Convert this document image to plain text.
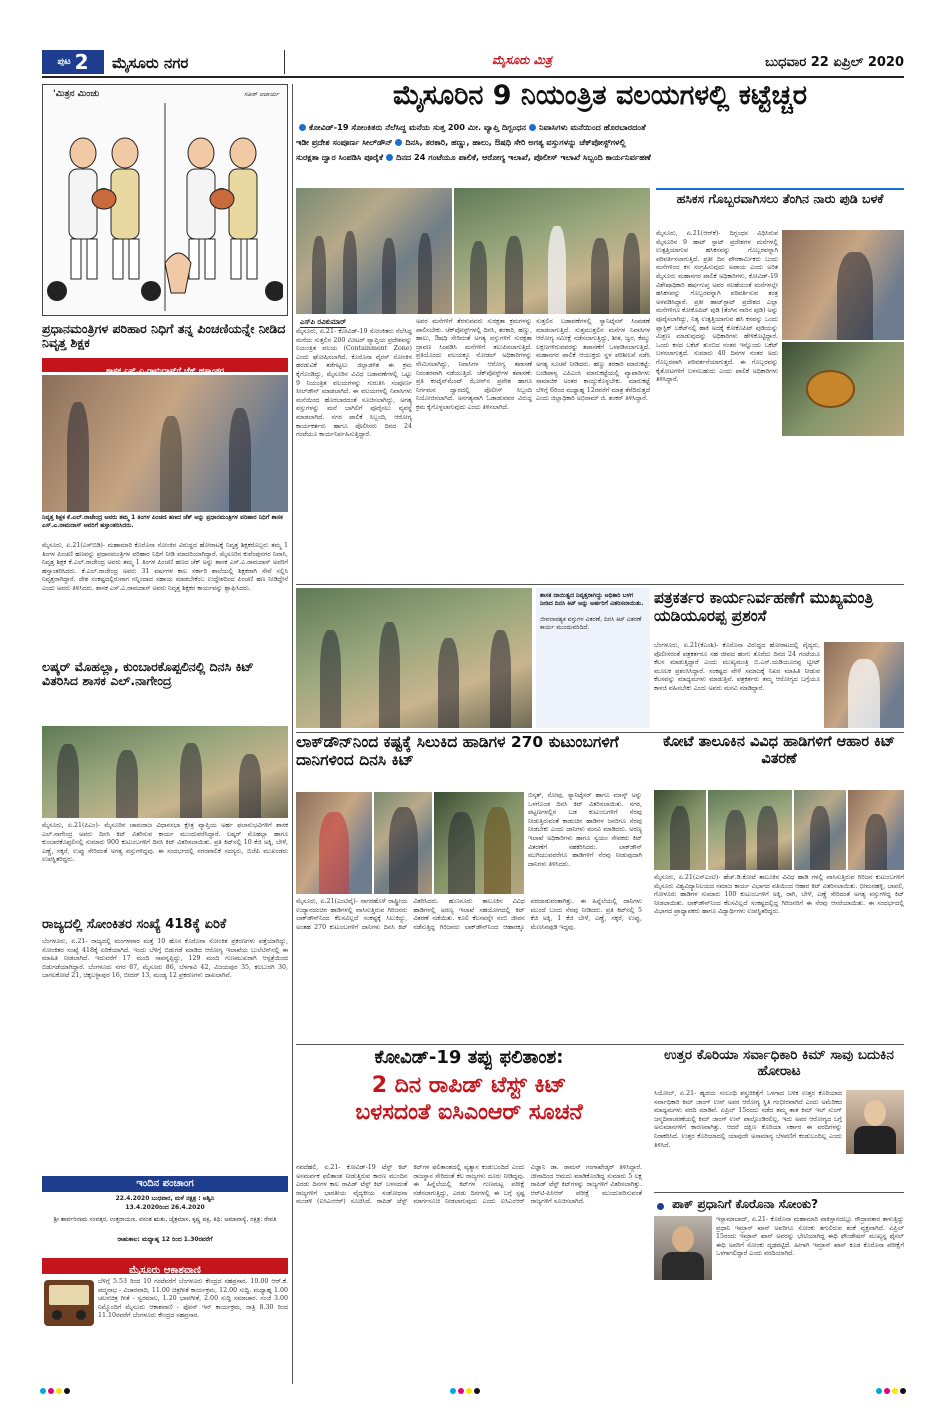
ಪುಟ 2 ಮೈಸೂರು ನಗರ	ಮೈಸೂರು ಮಿತ್ರ	ಬುಧವಾರ 22 ಏಪ್ರಿಲ್ 2020
'ಮಿತ್ರನ ಮಿಂಚು	ಸತೀಶ್ ಆಚಾರ್ಯ
ಪ್ರಧಾನಮಂತ್ರಿಗಳ ಪರಿಹಾರ ನಿಧಿಗೆ ತನ್ನ ಪಿಂಚಣಿಯನ್ನೇ ನೀಡಿದ ನಿವೃತ್ತ ಶಿಕ್ಷಕ
ಶಾಸಕ ಎಸ್.ಎ.ರಾಮದಾಸ್‌ಗೆ ಚೆಕ್ ಹಸ್ತಾಂತರ
ನಿವೃತ್ತ ಶಿಕ್ಷಕ ಕೆ.ಎಲ್.ರಾಜೇಂದ್ರ ಅವರು ತಮ್ಮ 1 ತಿಂಗಳ ಪಿಂಚಣಿ ಹಣದ ಚೆಕ್ ಅನ್ನು ಪ್ರಧಾನಮಂತ್ರಿಗಳ ಪರಿಹಾರ ನಿಧಿಗೆ ಶಾಸಕ ಎಸ್.ಎ.ರಾಮದಾಸ್ ಅವರಿಗೆ ಹಸ್ತಾಂತರಿಸಿದರು.
ಮೈಸೂರು, ಏ.21(ಎಸ್‌ಬಿಡಿ)- ಮಹಾಮಾರಿ ಕೊರೊನಾ ಸೋಂಕಿನ ವಿರುದ್ಧದ ಹೋರಾಟಕ್ಕೆ ನಿವೃತ್ತ ಶಿಕ್ಷಕರೊಬ್ಬರು ತಮ್ಮ 1 ತಿಂಗಳ ಪಿಂಚಣಿ ಹಣವನ್ನು ಪ್ರಧಾನಮಂತ್ರಿಗಳ ಪರಿಹಾರ ನಿಧಿಗೆ ನೀಡಿ ಮಾದರಿಯಾಗಿದ್ದಾರೆ. ಮೈಸೂರಿನ ಕುವೆಂಪುನಗರ ನಿವಾಸಿ, ನಿವೃತ್ತ ಶಿಕ್ಷಕ ಕೆ.ಎಲ್.ರಾಜೇಂದ್ರ ಅವರು ತಮ್ಮ 1 ತಿಂಗಳ ಪಿಂಚಣಿ ಹಣದ ಚೆಕ್ ಅನ್ನು ಶಾಸಕ ಎಸ್.ಎ.ರಾಮದಾಸ್ ಅವರಿಗೆ ಹಸ್ತಾಂತರಿಸಿದರು. ಕೆ.ಎಲ್.ರಾಜೇಂದ್ರ ಅವರು 31 ವರ್ಷಗಳ ಕಾಲ ಸರ್ಕಾರಿ ಶಾಲೆಯಲ್ಲಿ ಶಿಕ್ಷಕರಾಗಿ ಸೇವೆ ಸಲ್ಲಿಸಿ ನಿವೃತ್ತರಾಗಿದ್ದಾರೆ. ದೇಶ ಸಂಕಷ್ಟದಲ್ಲಿರುವಾಗ ನನ್ನಿಂದಾದ ಸಹಾಯ ಮಾಡಬೇಕೆಂಬ ಉದ್ದೇಶದಿಂದ ಪಿಂಚಣಿ ಹಣ ನೀಡಿದ್ದೇನೆ ಎಂದು ಅವರು ತಿಳಿಸಿದರು. ಶಾಸಕ ಎಸ್.ಎ.ರಾಮದಾಸ್ ಅವರು ನಿವೃತ್ತ ಶಿಕ್ಷಕರ ಕಾರ್ಯವನ್ನು ಶ್ಲಾಘಿಸಿದರು.
ಲಷ್ಕರ್ ಮೊಹಲ್ಲಾ, ಕುಂಬಾರಕೊಪ್ಪಲಿನಲ್ಲಿ ದಿನಸಿ ಕಿಟ್ ವಿತರಿಸಿದ ಶಾಸಕ ಎಲ್.ನಾಗೇಂದ್ರ
ಮೈಸೂರು, ಏ.21(ಪಿಎಂ)- ಮೈಸೂರಿನ ಚಾಮರಾಜ ವಿಧಾನಸಭಾ ಕ್ಷೇತ್ರ ವ್ಯಾಪ್ತಿಯ ಅರ್ಹ ಫಲಾನುಭವಿಗಳಿಗೆ ಶಾಸಕ ಎಲ್.ನಾಗೇಂದ್ರ ಅವರು ದಿನಸಿ ಕಿಟ್ ವಿತರಿಸುವ ಕಾರ್ಯ ಮುಂದುವರೆಸಿದ್ದಾರೆ. ಲಷ್ಕರ್ ಮೊಹಲ್ಲಾ ಹಾಗೂ ಕುಂಬಾರಕೊಪ್ಪಲಿನಲ್ಲಿ ಸುಮಾರು 900 ಕುಟುಂಬಗಳಿಗೆ ದಿನಸಿ ಕಿಟ್ ವಿತರಿಸಲಾಯಿತು. ಪ್ರತಿ ಕಿಟ್‌ನಲ್ಲಿ 10 ಕೆಜಿ ಅಕ್ಕಿ, ಬೇಳೆ, ಎಣ್ಣೆ, ಸಕ್ಕರೆ, ಉಪ್ಪು ಸೇರಿದಂತೆ ಅಗತ್ಯ ವಸ್ತುಗಳಿದ್ದವು. ಈ ಸಂದರ್ಭದಲ್ಲಿ ನಗರಪಾಲಿಕೆ ಸದಸ್ಯರು, ಬಿಜೆಪಿ ಮುಖಂಡರು ಉಪಸ್ಥಿತರಿದ್ದರು.
ರಾಜ್ಯದಲ್ಲಿ ಸೋಂಕಿತರ ಸಂಖ್ಯೆ 418ಕ್ಕೆ ಏರಿಕೆ
ಬೆಂಗಳೂರು, ಏ.21- ರಾಜ್ಯದಲ್ಲಿ ಮಂಗಳವಾರ ಮತ್ತೆ 10 ಹೊಸ ಕೊರೊನಾ ಸೋಂಕಿತ ಪ್ರಕರಣಗಳು ಪತ್ತೆಯಾಗಿದ್ದು, ಸೋಂಕಿತರ ಸಂಖ್ಯೆ 418ಕ್ಕೆ ಏರಿಕೆಯಾಗಿದೆ. ಇಂದು ಬೆಳಿಗ್ಗೆ ಬಿಡುಗಡೆ ಮಾಡಿದ ಆರೋಗ್ಯ ಇಲಾಖೆಯ ಬುಲೆಟಿನ್‌ನಲ್ಲಿ ಈ ಮಾಹಿತಿ ನೀಡಲಾಗಿದೆ. ಇದುವರೆಗೆ 17 ಮಂದಿ ಸಾವನ್ನಪ್ಪಿದ್ದು, 129 ಮಂದಿ ಗುಣಮುಖರಾಗಿ ಆಸ್ಪತ್ರೆಯಿಂದ ಬಿಡುಗಡೆಯಾಗಿದ್ದಾರೆ. ಬೆಂಗಳೂರು ನಗರ 87, ಮೈಸೂರು 86, ಬೆಳಗಾವಿ 42, ವಿಜಯಪುರ 35, ಕಲಬುರಗಿ 30, ಬಾಗಲಕೋಟೆ 21, ಚಿಕ್ಕಬಳ್ಳಾಪುರ 16, ಬೀದರ್ 13, ಮಂಡ್ಯ 12 ಪ್ರಕರಣಗಳು ದಾಖಲಾಗಿವೆ.
ಇಂದಿನ ಪಂಚಾಂಗ
22.4.2020 ಬುಧವಾರ, ಮಳೆ ನಕ್ಷತ್ರ : ಅಶ್ವಿನಿ
13.4.2020ರಿಂದ 26.4.2020
ಶ್ರೀ ಶಾರ್ವರಿನಾಮ ಸಂವತ್ಸರ, ಉತ್ತರಾಯಣ, ವಸಂತ ಋತು, ಚೈತ್ರಮಾಸ, ಕೃಷ್ಣ ಪಕ್ಷ, ತಿಥಿ: ಅಮಾವಾಸ್ಯೆ, ನಕ್ಷತ್ರ: ರೇವತಿ
ರಾಹುಕಾಲ: ಮಧ್ಯಾಹ್ನ 12 ರಿಂದ 1.30ರವರೆಗೆ
ಮೈಸೂರು ಆಕಾಶವಾಣಿ
ಬೆಳಿಗ್ಗೆ 5.53 ರಿಂದ 10 ಗಂಟೆವರೆಗೆ ಬೆಂಗಳೂರು ಕೇಂದ್ರದ ಸಹಪ್ರಸಾರ. 10.00 ಆರ್.ಕೆ. ಪದ್ಮನಾಭ - ವಿಚಾರವಾದಿ, 11.00 ಚಿತ್ರಗೀತೆ ಕಾರ್ಯಕ್ರಮ, 12.00 ಸುದ್ದಿ. ಮಧ್ಯಾಹ್ನ 1.00 ಚಲನಚಿತ್ರ ಗೀತೆ - ಸ್ವರಮಾಲ, 1.20 ಭಾವಗೀತೆ, 2.00 ಸುದ್ದಿ ಸಮಾಚಾರ. ಸಂಜೆ 3.00 ನಿಮ್ಮೊಂದಿಗೆ ಮೈಸೂರು ಆಕಾಶವಾಣಿ - ಫೋನ್ ಇನ್ ಕಾರ್ಯಕ್ರಮ, ರಾತ್ರಿ 8.30 ರಿಂದ 11.10ರವರೆಗೆ ಬೆಂಗಳೂರು ಕೇಂದ್ರದ ಸಹಪ್ರಸಾರ.
ಮೈಸೂರಿನ 9 ನಿಯಂತ್ರಿತ ವಲಯಗಳಲ್ಲಿ ಕಟ್ಟೆಚ್ಚರ
ಕೋವಿಡ್-19 ಸೋಂಕಿತರು ನೆಲೆಸಿದ್ದ ಮನೆಯ ಸುತ್ತ 200 ಮೀ. ವ್ಯಾಪ್ತಿ ದಿಗ್ಬಂಧನ ನಿವಾಸಿಗಳು ಮನೆಯಿಂದ ಹೊರಬಾರದಂತೆ
ಇಡೀ ಪ್ರದೇಶ ಸಂಪೂರ್ಣ ಸೀಲ್‌ಡೌನ್ ದಿನಸಿ, ತರಕಾರಿ, ಹಣ್ಣು, ಹಾಲು, ಔಷಧಿ ಸೇರಿ ಅಗತ್ಯ ವಸ್ತುಗಳನ್ನು ಚೆಕ್‌ಪೋಸ್ಟ್‌ಗಳಲ್ಲಿ
ಸುರಕ್ಷತಾ ದ್ವಾರ ಸಿಂಪಡಿಸಿ ಪೂರೈಕೆ ದಿನದ 24 ಗಂಟೆಯೂ ಪಾಲಿಕೆ, ಆರೋಗ್ಯ ಇಲಾಖೆ, ಪೊಲೀಸ್ ಇಲಾಖೆ ಸಿಬ್ಬಂದಿ ಕಾರ್ಯನಿರ್ವಹಣೆ
ಎಸ್‌ಪಿ ರವಿಕುಮಾರ್
ಮೈಸೂರು, ಏ.21- ಕೋವಿಡ್-19 ಸೋಂಕಿತರು ನೆಲೆಸಿದ್ದ ಮನೆಯ ಸುತ್ತಲಿನ 200 ಮೀಟರ್ ವ್ಯಾಪ್ತಿಯ ಪ್ರದೇಶವನ್ನು ನಿಯಂತ್ರಿತ ವಲಯ (Containment Zone) ಎಂದು ಘೋಷಿಸಲಾಗಿದೆ. ಕೊರೊನಾ ವೈರಸ್ ಸೋಂಕಿನ ಹರಡುವಿಕೆ ತಡೆಗಟ್ಟಲು ಜಿಲ್ಲಾಡಳಿತ ಈ ಕ್ರಮ ಕೈಗೊಂಡಿದ್ದು, ಮೈಸೂರಿನ ವಿವಿಧ ಬಡಾವಣೆಗಳಲ್ಲಿ ಒಟ್ಟು 9 ನಿಯಂತ್ರಿತ ವಲಯಗಳನ್ನು ಗುರುತಿಸಿ ಸಂಪೂರ್ಣ ಸೀಲ್‌ಡೌನ್ ಮಾಡಲಾಗಿದೆ. ಈ ವಲಯಗಳಲ್ಲಿ ನಿವಾಸಿಗಳು ಮನೆಯಿಂದ ಹೊರಬಾರದಂತೆ ಸೂಚಿಸಲಾಗಿದ್ದು, ಅಗತ್ಯ ವಸ್ತುಗಳನ್ನು ಮನೆ ಬಾಗಿಲಿಗೆ ಪೂರೈಸಲು ವ್ಯವಸ್ಥೆ ಮಾಡಲಾಗಿದೆ. ನಗರ ಪಾಲಿಕೆ ಸಿಬ್ಬಂದಿ, ಆರೋಗ್ಯ ಕಾರ್ಯಕರ್ತರು ಹಾಗೂ ಪೊಲೀಸರು ದಿನದ 24 ಗಂಟೆಯೂ ಕಾರ್ಯನಿರ್ವಹಿಸುತ್ತಿದ್ದಾರೆ.
ಅವರ ಮನೆಗಳಿಗೆ ತೆರಳುವವರು ಸುರಕ್ಷತಾ ಕ್ರಮಗಳನ್ನು ಪಾಲಿಸಬೇಕು. ಚೆಕ್‌ಪೋಸ್ಟ್‌ಗಳಲ್ಲಿ ದಿನಸಿ, ತರಕಾರಿ, ಹಣ್ಣು, ಹಾಲು, ಔಷಧಿ ಸೇರಿದಂತೆ ಅಗತ್ಯ ವಸ್ತುಗಳಿಗೆ ಸುರಕ್ಷತಾ ದ್ರಾವಣ ಸಿಂಪಡಿಸಿ ಮನೆಗಳಿಗೆ ತಲುಪಿಸಲಾಗುತ್ತಿದೆ. ಪ್ರತಿಯೊಂದು ವಲಯಕ್ಕೂ ನೋಡಲ್ ಅಧಿಕಾರಿಗಳನ್ನು ನೇಮಿಸಲಾಗಿದ್ದು, ನಿವಾಸಿಗಳ ಆರೋಗ್ಯ ತಪಾಸಣೆ ನಿರಂತರವಾಗಿ ನಡೆಯುತ್ತಿದೆ. ಚೆಕ್‌ಪೋಸ್ಟ್‌ಗಳ ತಪಾಸಣೆ: ಪ್ರತಿ ಕಂಟೈನ್‌ಮೆಂಟ್ ಝೋನ್‌ನ ಪ್ರವೇಶ ಹಾಗೂ ನಿರ್ಗಮನ ದ್ವಾರದಲ್ಲಿ ಪೊಲೀಸ್ ಸಿಬ್ಬಂದಿ ನಿಯೋಜಿಸಲಾಗಿದೆ. ಅನಗತ್ಯವಾಗಿ ಓಡಾಡುವವರ ವಿರುದ್ಧ ಕ್ರಮ ಕೈಗೊಳ್ಳಲಾಗುವುದು ಎಂದು ತಿಳಿಸಲಾಗಿದೆ.
ಸುತ್ತಲಿನ ಬಡಾವಣೆಗಳಲ್ಲಿ ಸ್ಯಾನಿಟೈಸರ್ ಸಿಂಪಡಣೆ ಮಾಡಲಾಗುತ್ತಿದೆ. ಸುತ್ತಮುತ್ತಲಿನ ಮನೆಗಳ ನಿವಾಸಿಗಳ ಆರೋಗ್ಯ ಸಮೀಕ್ಷೆ ನಡೆಸಲಾಗುತ್ತಿದ್ದು, ಶೀತ, ಜ್ವರ, ಕೆಮ್ಮು ಲಕ್ಷಣಗಳಿರುವವರನ್ನು ತಪಾಸಣೆಗೆ ಒಳಪಡಿಸಲಾಗುತ್ತಿದೆ. ಮಹಾನಗರ ಪಾಲಿಕೆ ಆಯುಕ್ತರು ಸ್ಥಳ ಪರಿಶೀಲನೆ ನಡೆಸಿ ಅಗತ್ಯ ಸೂಚನೆ ನೀಡಿದರು. ಹಣ್ಣು ತರಕಾರಿ ಮಾರುಕಟ್ಟೆ: ಬಂಡಿಪಾಳ್ಯ ಎಪಿಎಂಸಿ ಮಾರುಕಟ್ಟೆಯಲ್ಲಿ ವ್ಯಾಪಾರಿಗಳು ಸಾಮಾಜಿಕ ಅಂತರ ಕಾಯ್ದುಕೊಳ್ಳಬೇಕು. ಮಾರುಕಟ್ಟೆ ಬೆಳಿಗ್ಗೆ 6ರಿಂದ ಮಧ್ಯಾಹ್ನ 12ರವರೆಗೆ ಮಾತ್ರ ತೆರೆದಿರುತ್ತದೆ ಎಂದು ಜಿಲ್ಲಾಧಿಕಾರಿ ಅಭಿರಾಮ್ ಜಿ. ಶಂಕರ್ ತಿಳಿಸಿದ್ದಾರೆ.
ಹಸಿಕಸ ಗೊಬ್ಬರವಾಗಿಸಲು ತೆಂಗಿನ ನಾರು ಪುಡಿ ಬಳಕೆ
ಮೈಸೂರು, ಏ.21(ಆರ್‌ಕೆ)- ದಿಗ್ಬಂಧನ ವಿಧಿಸಿರುವ ಮೈಸೂರಿನ 9 ಹಾಟ್ ಸ್ಪಾಟ್ ಪ್ರದೇಶಗಳ ಮನೆಗಳಲ್ಲಿ ಉತ್ಪತ್ತಿಯಾಗುವ ಹಸಿಕಸವನ್ನು ಗೊಬ್ಬರವನ್ನಾಗಿ ಪರಿವರ್ತಿಸಲಾಗುತ್ತಿದೆ. ಪ್ರತೀ ದಿನ ಪೌರಕಾರ್ಮಿಕರು ಬಂದು ಮನೆಗಳಿಂದ ಕಸ ಸಂಗ್ರಹಿಸುವುದು ಅಪಾಯ ಎಂದು ಅರಿತ ಮೈಸೂರು ಮಹಾನಗರ ಪಾಲಿಕೆ ಅಧಿಕಾರಿಗಳು, ಕೋವಿಡ್-19 ವಿಶೇಷಾಧಿಕಾರಿ ಹರ್ಷಗುಪ್ತ ಅವರ ಸಲಹೆಯಂತೆ ಮನೆಗಳಲ್ಲೇ ಹಸಿಕಸವನ್ನು ಗೊಬ್ಬರವನ್ನಾಗಿ ಪರಿವರ್ತಿಸುವ ತಂತ್ರ ಅಳವಡಿಸಿದ್ದಾರೆ. ಪ್ರತೀ ಹಾಟ್‌ಸ್ಪಾಟ್ ಪ್ರದೇಶದ ಎಲ್ಲಾ ಮನೆಗಳಿಗೂ ಕೋಕೊಪಿಟ್ ಪುಡಿ (ತೆಂಗಿನ ನಾರಿನ ಪುಡಿ) ಅನ್ನು ಪೂರೈಸಲಾಗಿದ್ದು, ನಿತ್ಯ ಉತ್ಪತ್ತಿಯಾಗುವ ಹಸಿ ಕಸವನ್ನು ಒಂದು ಪ್ಲಾಸ್ಟಿಕ್ ಬಕೆಟ್‌ನಲ್ಲಿ ಹಾಕಿ ಅದಕ್ಕೆ ಕೋಕೊಪಿಟ್ ಪುಡಿಯನ್ನು ಮಿಶ್ರಣ ಮಾಡುವುದನ್ನು ಅಧಿಕಾರಿಗಳು ಹೇಳಿಕೊಟ್ಟಿದ್ದಾರೆ. ಒಂದು ಕಸದ ಬಕೆಟ್ ತುಂಬಿದ ನಂತರ ಇನ್ನೊಂದು ಬಕೆಟ್ ಬಳಸಲಾಗುತ್ತದೆ. ಸುಮಾರು 40 ದಿನಗಳ ನಂತರ ಅದು ಗೊಬ್ಬರವಾಗಿ ಪರಿವರ್ತನೆಯಾಗುತ್ತದೆ. ಈ ಗೊಬ್ಬರವನ್ನು ಕೈತೋಟಗಳಿಗೆ ಬಳಸಬಹುದು ಎಂದು ಪಾಲಿಕೆ ಅಧಿಕಾರಿಗಳು ತಿಳಿಸಿದ್ದಾರೆ.
ಶಾಸಕ ದಾಯಿತ್ವದ ನಿವೃತ್ತರಾಗಿದ್ದು ಅಧಿಕಾರಿ ಬಳಗ ನೀಡಿದ ದಿನಸಿ ಕಿಟ್ ಅನ್ನು ಅರ್ಹರಿಗೆ ವಿತರಿಸಲಾಯಿತು.
ಜೀವನಾವಶ್ಯಕ ವಸ್ತುಗಳ ವಿತರಣೆ, ದಿನಸಿ ಕಿಟ್ ವಿತರಣೆ ಕಾರ್ಯ ಮುಂದುವರಿದಿದೆ.
ಪತ್ರಕರ್ತರ ಕಾರ್ಯನಿರ್ವಹಣೆಗೆ ಮುಖ್ಯಮಂತ್ರಿ ಯಡಿಯೂರಪ್ಪ ಪ್ರಶಂಸೆ
ಬೆಂಗಳೂರು, ಏ.21(ಕೆಎಂಶಿ)- ಕೊರೊನಾ ವಿರುದ್ಧದ ಹೋರಾಟದಲ್ಲಿ ವೈದ್ಯರು, ಪೊಲೀಸರಂತೆ ಪತ್ರಕರ್ತರೂ ಸಹ ಜೀವದ ಹಂಗು ತೊರೆದು ದಿನದ 24 ಗಂಟೆಯೂ ಕೆಲಸ ಮಾಡುತ್ತಿದ್ದಾರೆ ಎಂದು ಮುಖ್ಯಮಂತ್ರಿ ಬಿ.ಎಸ್.ಯಡಿಯೂರಪ್ಪ ಟ್ವೀಟ್ ಮೂಲಕ ಪ್ರಶಂಸಿಸಿದ್ದಾರೆ. ಸಂಕಷ್ಟದ ವೇಳೆ ಸಮಾಜಕ್ಕೆ ನಿಖರ ಮಾಹಿತಿ ನೀಡುವ ಕೆಲಸವನ್ನು ಮಾಧ್ಯಮಗಳು ಮಾಡುತ್ತಿವೆ. ಪತ್ರಕರ್ತರು ತಮ್ಮ ಆರೋಗ್ಯದ ಬಗ್ಗೆಯೂ ಕಾಳಜಿ ವಹಿಸಬೇಕು ಎಂದು ಅವರು ಮನವಿ ಮಾಡಿದ್ದಾರೆ.
ಲಾಕ್‌ಡೌನ್‌ನಿಂದ ಕಷ್ಟಕ್ಕೆ ಸಿಲುಕಿದ ಹಾಡಿಗಳ 270 ಕುಟುಂಬಗಳಿಗೆ ದಾನಿಗಳಿಂದ ದಿನಸಿ ಕಿಟ್
ಬಿಸ್ಕತ್, ಸೋಪು, ಸ್ಯಾನಿಟೈಸರ್ ಹಾಗೂ ಮಾಸ್ಕ್ ಅನ್ನು ಒಳಗೊಂಡ ದಿನಸಿ ಕಿಟ್ ವಿತರಿಸಲಾಯಿತು. ನಗರ, ಪಟ್ಟಣಗಳಲ್ಲಿನ ಬಡ ಕುಟುಂಬಗಳಿಗೆ ನೆರವು ನೀಡುತ್ತಿರುವಂತೆ ಕಾಡಂಚಿನ ಹಾಡಿಗಳ ಜನರಿಗೂ ನೆರವು ನೀಡಬೇಕು ಎಂದು ದಾನಿಗಳು ಮನವಿ ಮಾಡಿದರು. ಅರಣ್ಯ ಇಲಾಖೆ ಅಧಿಕಾರಿಗಳು ಹಾಗೂ ಸ್ವಯಂ ಸೇವಕರು ಕಿಟ್ ವಿತರಣೆಗೆ ಸಹಕರಿಸಿದರು. ಲಾಕ್‌ಡೌನ್ ಮುಗಿಯುವವರೆಗೂ ಹಾಡಿಗಳಿಗೆ ನೆರವು ನೀಡುವುದಾಗಿ ದಾನಿಗಳು ತಿಳಿಸಿದರು.
ಮೈಸೂರು, ಏ.21(ಎಂಟಿವೈ)- ನಾಗರಹೊಳೆ ರಾಷ್ಟ್ರೀಯ ಉದ್ಯಾನದಂಚಿನ ಹಾಡಿಗಳಲ್ಲಿ ವಾಸಿಸುತ್ತಿರುವ ಗಿರಿಜನರು ಲಾಕ್‌ಡೌನ್‌ನಿಂದ ಕೆಲಸವಿಲ್ಲದೆ ಸಂಕಷ್ಟಕ್ಕೆ ಸಿಲುಕಿದ್ದು, ಅಂತಹ 270 ಕುಟುಂಬಗಳಿಗೆ ದಾನಿಗಳು ದಿನಸಿ ಕಿಟ್ ವಿತರಿಸಿದರು. ಹುಣಸೂರು ತಾಲೂಕಿನ ವಿವಿಧ ಹಾಡಿಗಳಲ್ಲಿ ಅರಣ್ಯ ಇಲಾಖೆ ಸಹಯೋಗದಲ್ಲಿ ಕಿಟ್ ವಿತರಣೆ ನಡೆಯಿತು. ಕೂಲಿ ಕೆಲಸವನ್ನೇ ನಂಬಿ ಜೀವನ ನಡೆಸುತ್ತಿದ್ದ ಗಿರಿಜನರು ಲಾಕ್‌ಡೌನ್‌ನಿಂದ ಆಹಾರಕ್ಕೂ ಪರದಾಡುವಂತಾಗಿತ್ತು. ಈ ಹಿನ್ನೆಲೆಯಲ್ಲಿ ದಾನಿಗಳು ಮುಂದೆ ಬಂದು ನೆರವು ನೀಡಿದರು. ಪ್ರತಿ ಕಿಟ್‌ನಲ್ಲಿ 5 ಕೆಜಿ ಅಕ್ಕಿ, 1 ಕೆಜಿ ಬೇಳೆ, ಎಣ್ಣೆ, ಸಕ್ಕರೆ, ಉಪ್ಪು, ಮೆಣಸಿನಪುಡಿ ಇದ್ದವು.
ಕೋಟೆ ತಾಲೂಕಿನ ವಿವಿಧ ಹಾಡಿಗಳಿಗೆ ಆಹಾರ ಕಿಟ್ ವಿತರಣೆ
ಮೈಸೂರು, ಏ.21(ಎಸ್‌ಎಂಟಿ)- ಹೆಚ್.ಡಿ.ಕೋಟೆ ತಾಲೂಕಿನ ವಿವಿಧ ಹಾಡಿ ಗಳಲ್ಲಿ ವಾಸಿಸುತ್ತಿರುವ ಗಿರಿಜನ ಕುಟುಂಬಗಳಿಗೆ ಮೈಸೂರು ವಿಶ್ವವಿದ್ಯಾನಿಲಯದ ಸಮಾಜ ಕಾರ್ಯ ವಿಭಾಗದ ವತಿಯಿಂದ ಆಹಾರ ಕಿಟ್ ವಿತರಿಸಲಾಯಿತು. ಭೀಮನಹಳ್ಳಿ, ಬಾವಲಿ, ಗೋಳೂರು ಹಾಡಿಗಳ ಸುಮಾರು 100 ಕುಟುಂಬಗಳಿಗೆ ಅಕ್ಕಿ, ರಾಗಿ, ಬೇಳೆ, ಎಣ್ಣೆ ಸೇರಿದಂತೆ ಅಗತ್ಯ ವಸ್ತುಗಳಿದ್ದ ಕಿಟ್ ನೀಡಲಾಯಿತು. ಲಾಕ್‌ಡೌನ್‌ನಿಂದ ಕೆಲಸವಿಲ್ಲದೆ ಸಂಕಷ್ಟದಲ್ಲಿದ್ದ ಗಿರಿಜನರಿಗೆ ಈ ನೆರವು ಆಸರೆಯಾಯಿತು. ಈ ಸಂದರ್ಭದಲ್ಲಿ ವಿಭಾಗದ ಪ್ರಾಧ್ಯಾಪಕರು ಹಾಗೂ ವಿದ್ಯಾರ್ಥಿಗಳು ಉಪಸ್ಥಿತರಿದ್ದರು.
ಕೋವಿಡ್-19 ತಪ್ಪು ಫಲಿತಾಂಶ:
2 ದಿನ ರಾಪಿಡ್ ಟೆಸ್ಟ್ ಕಿಟ್
ಬಳಸದಂತೆ ಐಸಿಎಂಆರ್ ಸೂಚನೆ
ನವದೆಹಲಿ, ಏ.21- ಕೋವಿಡ್-19 ಟೆಸ್ಟ್ ಕಿಟ್ ಅಸಮರ್ಪಕ ಫಲಿತಾಂಶ ನೀಡುತ್ತಿರುವ ಕಾರಣ ಮುಂದಿನ ಎರಡು ದಿನಗಳ ಕಾಲ ರಾಪಿಡ್ ಟೆಸ್ಟ್ ಕಿಟ್ ಬಳಸದಂತೆ ರಾಜ್ಯಗಳಿಗೆ ಭಾರತೀಯ ವೈದ್ಯಕೀಯ ಸಂಶೋಧನಾ ಮಂಡಳಿ (ಐಸಿಎಂಆರ್) ಸೂಚಿಸಿದೆ. ರಾಪಿಡ್ ಟೆಸ್ಟ್ ಕಿಟ್‌ಗಳ ಫಲಿತಾಂಶದಲ್ಲಿ ವ್ಯತ್ಯಾಸ ಕಂಡುಬಂದಿದೆ ಎಂದು ರಾಜಸ್ಥಾನ ಸೇರಿದಂತೆ ಕೆಲ ರಾಜ್ಯಗಳು ದೂರು ನೀಡಿದ್ದವು. ಈ ಹಿನ್ನೆಲೆಯಲ್ಲಿ ಕಿಟ್‌ಗಳ ಗುಣಮಟ್ಟ ಪರೀಕ್ಷೆ ನಡೆಸಲಾಗುತ್ತಿದ್ದು, ಎರಡು ದಿನಗಳಲ್ಲಿ ಈ ಬಗ್ಗೆ ಸ್ಪಷ್ಟ ಮಾರ್ಗಸೂಚಿ ನೀಡಲಾಗುವುದು ಎಂದು ಐಸಿಎಂಆರ್ ವಿಜ್ಞಾನಿ ಡಾ. ರಾಮನ್ ಗಂಗಾಖೇಡ್ಕರ್ ತಿಳಿಸಿದ್ದಾರೆ. ಚೀನಾದಿಂದ ಆಮದು ಮಾಡಿಕೊಂಡಿದ್ದ ಸುಮಾರು 5 ಲಕ್ಷ ರಾಪಿಡ್ ಟೆಸ್ಟ್ ಕಿಟ್‌ಗಳನ್ನು ರಾಜ್ಯಗಳಿಗೆ ವಿತರಿಸಲಾಗಿತ್ತು. ಆರ್‌ಟಿ-ಪಿಸಿಆರ್ ಪರೀಕ್ಷೆ ಮುಂದುವರಿಸುವಂತೆ ರಾಜ್ಯಗಳಿಗೆ ಸೂಚಿಸಲಾಗಿದೆ.
ಉತ್ತರ ಕೊರಿಯಾ ಸರ್ವಾಧಿಕಾರಿ ಕಿಮ್ ಸಾವು ಬದುಕಿನ ಹೋರಾಟ
ಸಿಯೋಲ್, ಏ.21- ಹೃದಯ ಸಂಬಂಧಿ ಶಸ್ತ್ರಚಿಕಿತ್ಸೆಗೆ ಒಳಗಾದ ಬಳಿಕ ಉತ್ತರ ಕೊರಿಯಾದ ಸರ್ವಾಧಿಕಾರಿ ಕಿಮ್ ಜಾಂಗ್ ಉನ್ ಅವರ ಆರೋಗ್ಯ ಸ್ಥಿತಿ ಗಂಭೀರವಾಗಿದೆ ಎಂದು ಅಮೆರಿಕದ ಮಾಧ್ಯಮಗಳು ವರದಿ ಮಾಡಿವೆ. ಏಪ್ರಿಲ್ 15ರಂದು ನಡೆದ ತಮ್ಮ ತಾತ ಕಿಮ್ ಇಲ್ ಸುಂಗ್ ಜನ್ಮದಿನಾಚರಣೆಯಲ್ಲಿ ಕಿಮ್ ಜಾಂಗ್ ಉನ್ ಪಾಲ್ಗೊಂಡಿರಲಿಲ್ಲ. ಇದು ಅವರ ಆರೋಗ್ಯದ ಬಗ್ಗೆ ಅನುಮಾನಗಳಿಗೆ ಕಾರಣವಾಗಿತ್ತು. ಆದರೆ ದಕ್ಷಿಣ ಕೊರಿಯಾ ಸರ್ಕಾರ ಈ ವರದಿಗಳನ್ನು ನಿರಾಕರಿಸಿದೆ. ಉತ್ತರ ಕೊರಿಯಾದಲ್ಲಿ ಯಾವುದೇ ಅಸಾಮಾನ್ಯ ಬೆಳವಣಿಗೆ ಕಂಡುಬಂದಿಲ್ಲ ಎಂದು ತಿಳಿಸಿದೆ.
ಪಾಕ್ ಪ್ರಧಾನಿಗೆ ಕೊರೊನಾ ಸೋಂಕು?
ಇಸ್ಲಾಮಾಬಾದ್, ಏ.21- ಕೊರೊನಾ ಮಹಾಮಾರಿ ಪಾಕಿಸ್ತಾನದಲ್ಲೂ ರೌದ್ರಾವತಾರ ತಾಳುತ್ತಿದ್ದು ಪ್ರಧಾನಿ ಇಮ್ರಾನ್ ಖಾನ್ ಅವರಿಗೂ ಸೋಂಕು ತಗುಲಿರುವ ಶಂಕೆ ವ್ಯಕ್ತವಾಗಿದೆ. ಏಪ್ರಿಲ್ 15ರಂದು ಇಮ್ರಾನ್ ಖಾನ್ ಅವರನ್ನು ಭೇಟಿಯಾಗಿದ್ದ ಈಧಿ ಫೌಂಡೇಷನ್ ಮುಖ್ಯಸ್ಥ ಫೈಸಲ್ ಈಧಿ ಅವರಿಗೆ ಸೋಂಕು ದೃಢಪಟ್ಟಿದೆ. ಹೀಗಾಗಿ ಇಮ್ರಾನ್ ಖಾನ್ ಕೂಡ ಕೊರೊನಾ ಪರೀಕ್ಷೆಗೆ ಒಳಗಾಗಲಿದ್ದಾರೆ ಎಂದು ವರದಿಯಾಗಿದೆ.
